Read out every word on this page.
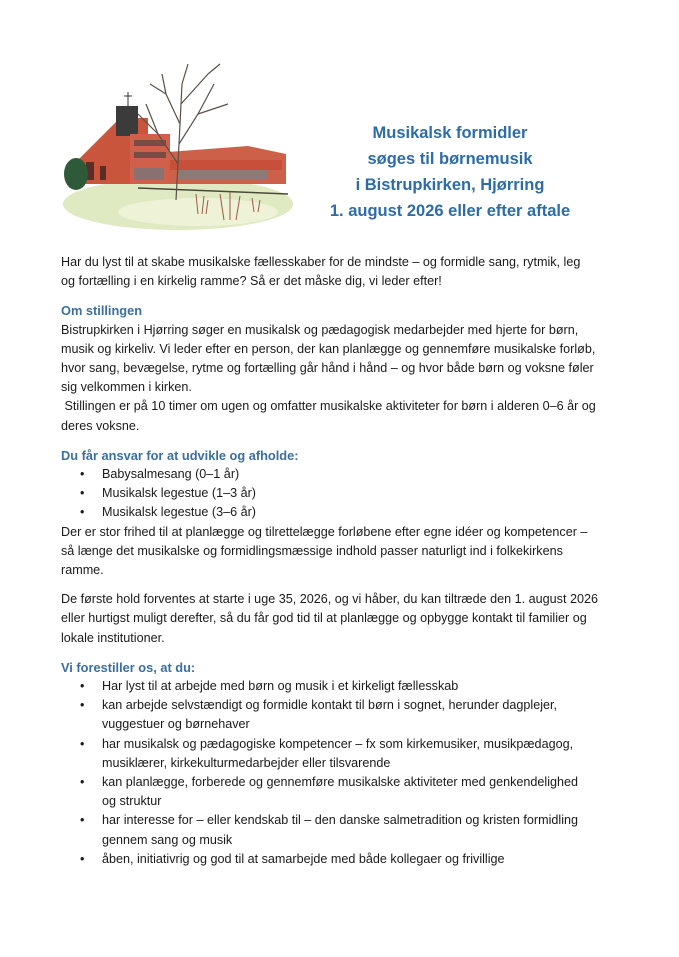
Musikalsk formidler
søges til børnemusik
i Bistrupkirken, Hjørring
1. august 2026 eller efter aftale

Har du lyst til at skabe musikalske fællesskaber for de mindste – og formidle sang, rytmik, leg
og fortælling i en kirkelig ramme? Så er det måske dig, vi leder efter!

Om stillingen

Bistrupkirken i Hjørring søger en musikalsk og pædagogisk medarbejder med hjerte for børn,
musik og kirkeliv. Vi leder efter en person, der kan planlægge og gennemføre musikalske forløb,
hvor sang, bevægelse, rytme og fortælling går hånd i hånd – og hvor både børn og voksne føler
sig velkommen i kirken.
Stillingen er på 10 timer om ugen og omfatter musikalske aktiviteter for børn i alderen 0–6 år og
deres voksne.

Du får ansvar for at udvikle og afholde:
• Babysalmesang (0–1 år)
• Musikalsk legestue (1–3 år)
• Musikalsk legestue (3–6 år)

Der er stor frihed til at planlægge og tilrettelægge forløbene efter egne idéer og kompetencer –
så længe det musikalske og formidlingsmæssige indhold passer naturligt ind i folkekirkens
ramme.

De første hold forventes at starte i uge 35, 2026, og vi håber, du kan tiltræde den 1. august 2026
eller hurtigst muligt derefter, så du får god tid til at planlægge og opbygge kontakt til familier og
lokale institutioner.

Vi forestiller os, at du:
• Har lyst til at arbejde med børn og musik i et kirkeligt fællesskab
• kan arbejde selvstændigt og formidle kontakt til børn i sognet, herunder dagplejer,
vuggestuer og børnehaver
• har musikalsk og pædagogiske kompetencer – fx som kirkemusiker, musikpædagog,
musiklærer, kirkekulturmedarbejder eller tilsvarende
• kan planlægge, forberede og gennemføre musikalske aktiviteter med genkendelighed
og struktur
• har interesse for – eller kendskab til – den danske salmetradition og kristen formidling
gennem sang og musik
• åben, initiativrig og god til at samarbejde med både kollegaer og frivillige
